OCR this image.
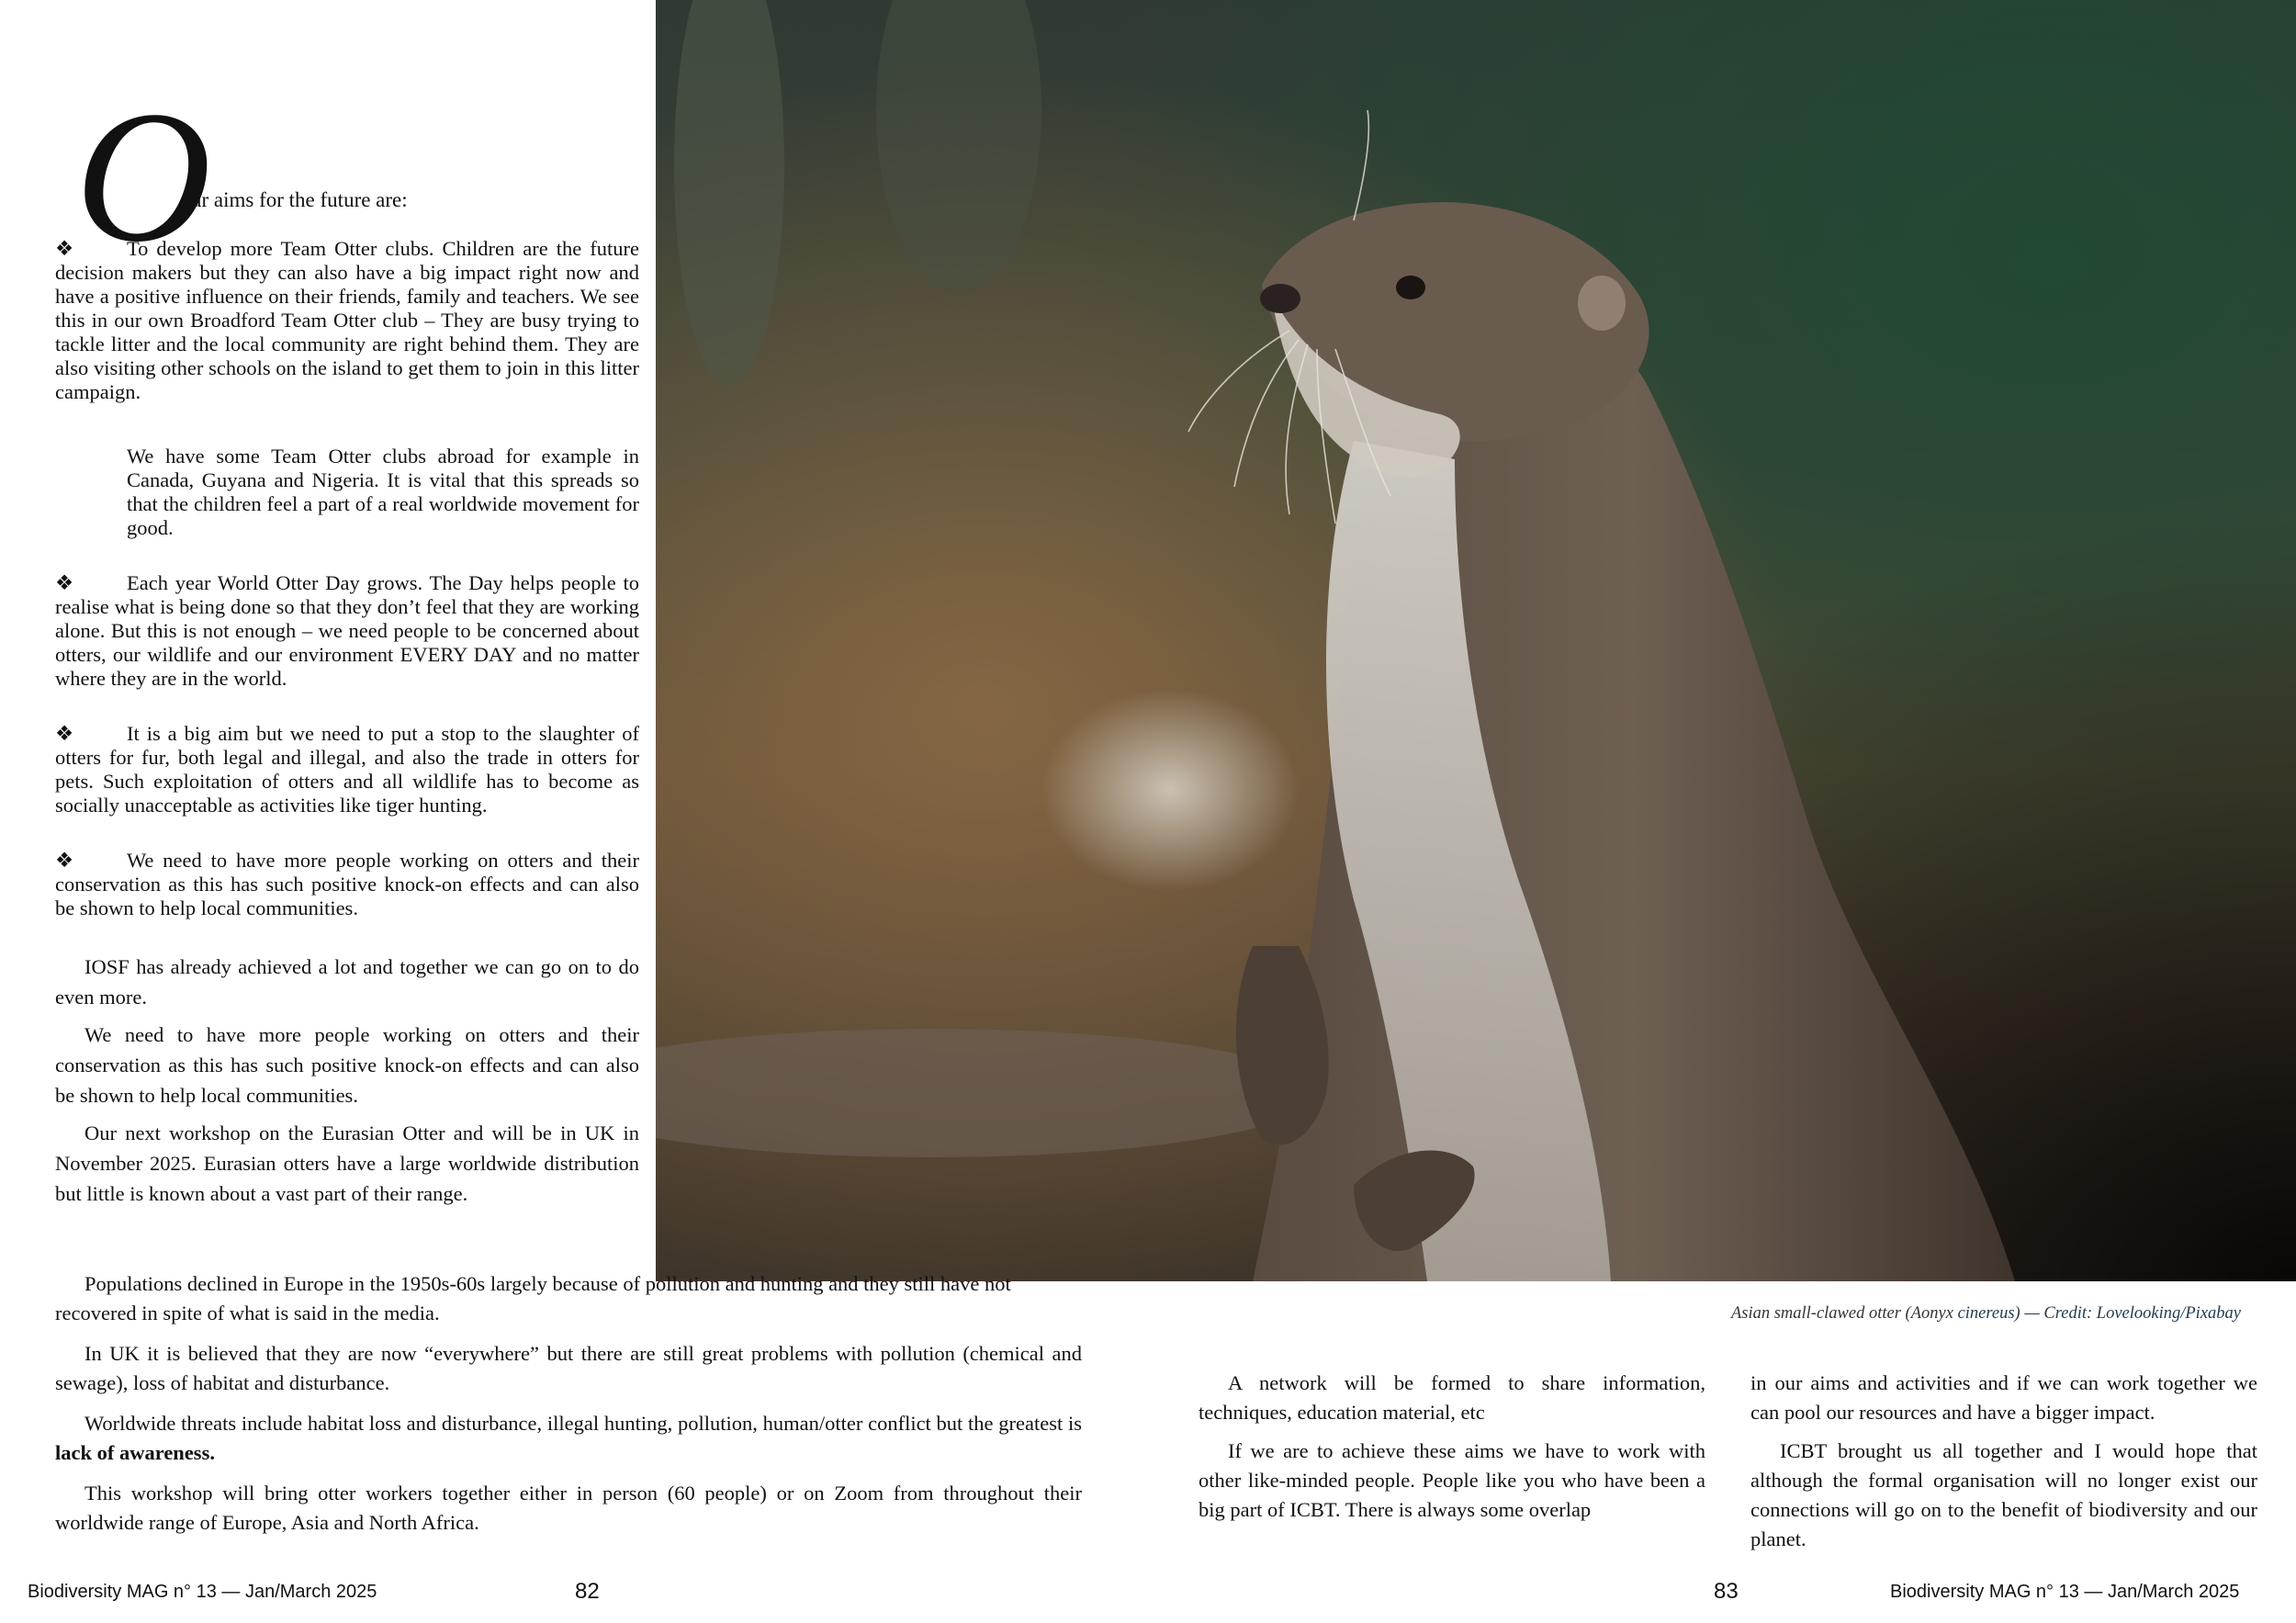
O
ur aims for the future are:

❖	To develop more Team Otter clubs. Children are the future decision makers but they can also have a big impact right now and have a positive influence on their friends, family and teachers. We see this in our own Broadford Team Otter club – They are busy trying to tackle litter and the local community are right behind them. They are also visiting other schools on the island to get them to join in this litter campaign.

We have some Team Otter clubs abroad for example in Canada, Guyana and Nigeria. It is vital that this spreads so that the children feel a part of a real worldwide movement for good.

❖	Each year World Otter Day grows. The Day helps people to realise what is being done so that they don’t feel that they are working alone. But this is not enough – we need people to be concerned about otters, our wildlife and our environment EVERY DAY and no matter where they are in the world.

❖	It is a big aim but we need to put a stop to the slaughter of otters for fur, both legal and illegal, and also the trade in otters for pets. Such exploitation of otters and all wildlife has to become as socially unacceptable as activities like tiger hunting.

❖	We need to have more people working on otters and their conservation as this has such positive knock-on effects and can also be shown to help local communities.

IOSF has already achieved a lot and together we can go on to do even more.

We need to have more people working on otters and their conservation as this has such positive knock-on effects and can also be shown to help local communities.

Our next workshop on the Eurasian Otter and will be in UK in November 2025. Eurasian otters have a large worldwide distribution but little is known about a vast part of their range.

Populations declined in Europe in the 1950s-60s largely because of pollution and hunting and they still have not recovered in spite of what is said in the media.

In UK it is believed that they are now “everywhere” but there are still great problems with pollution (chemical and sewage), loss of habitat and disturbance.

Worldwide threats include habitat loss and disturbance, illegal hunting, pollution, human/otter conflict but the greatest is lack of awareness.

This workshop will bring otter workers together either in person (60 people) or on Zoom from throughout their worldwide range of Europe, Asia and North Africa.

Asian small-clawed otter (Aonyx cinereus) — Credit: Lovelooking/Pixabay

A network will be formed to share information, techniques, education material, etc

If we are to achieve these aims we have to work with other like-minded people. People like you who have been a big part of ICBT. There is always some overlap

in our aims and activities and if we can work together we can pool our resources and have a bigger impact.

ICBT brought us all together and I would hope that although the formal organisation will no longer exist our connections will go on to the benefit of biodiversity and our planet.

Biodiversity MAG n° 13 — Jan/March 2025	82	83	Biodiversity MAG n° 13 — Jan/March 2025
